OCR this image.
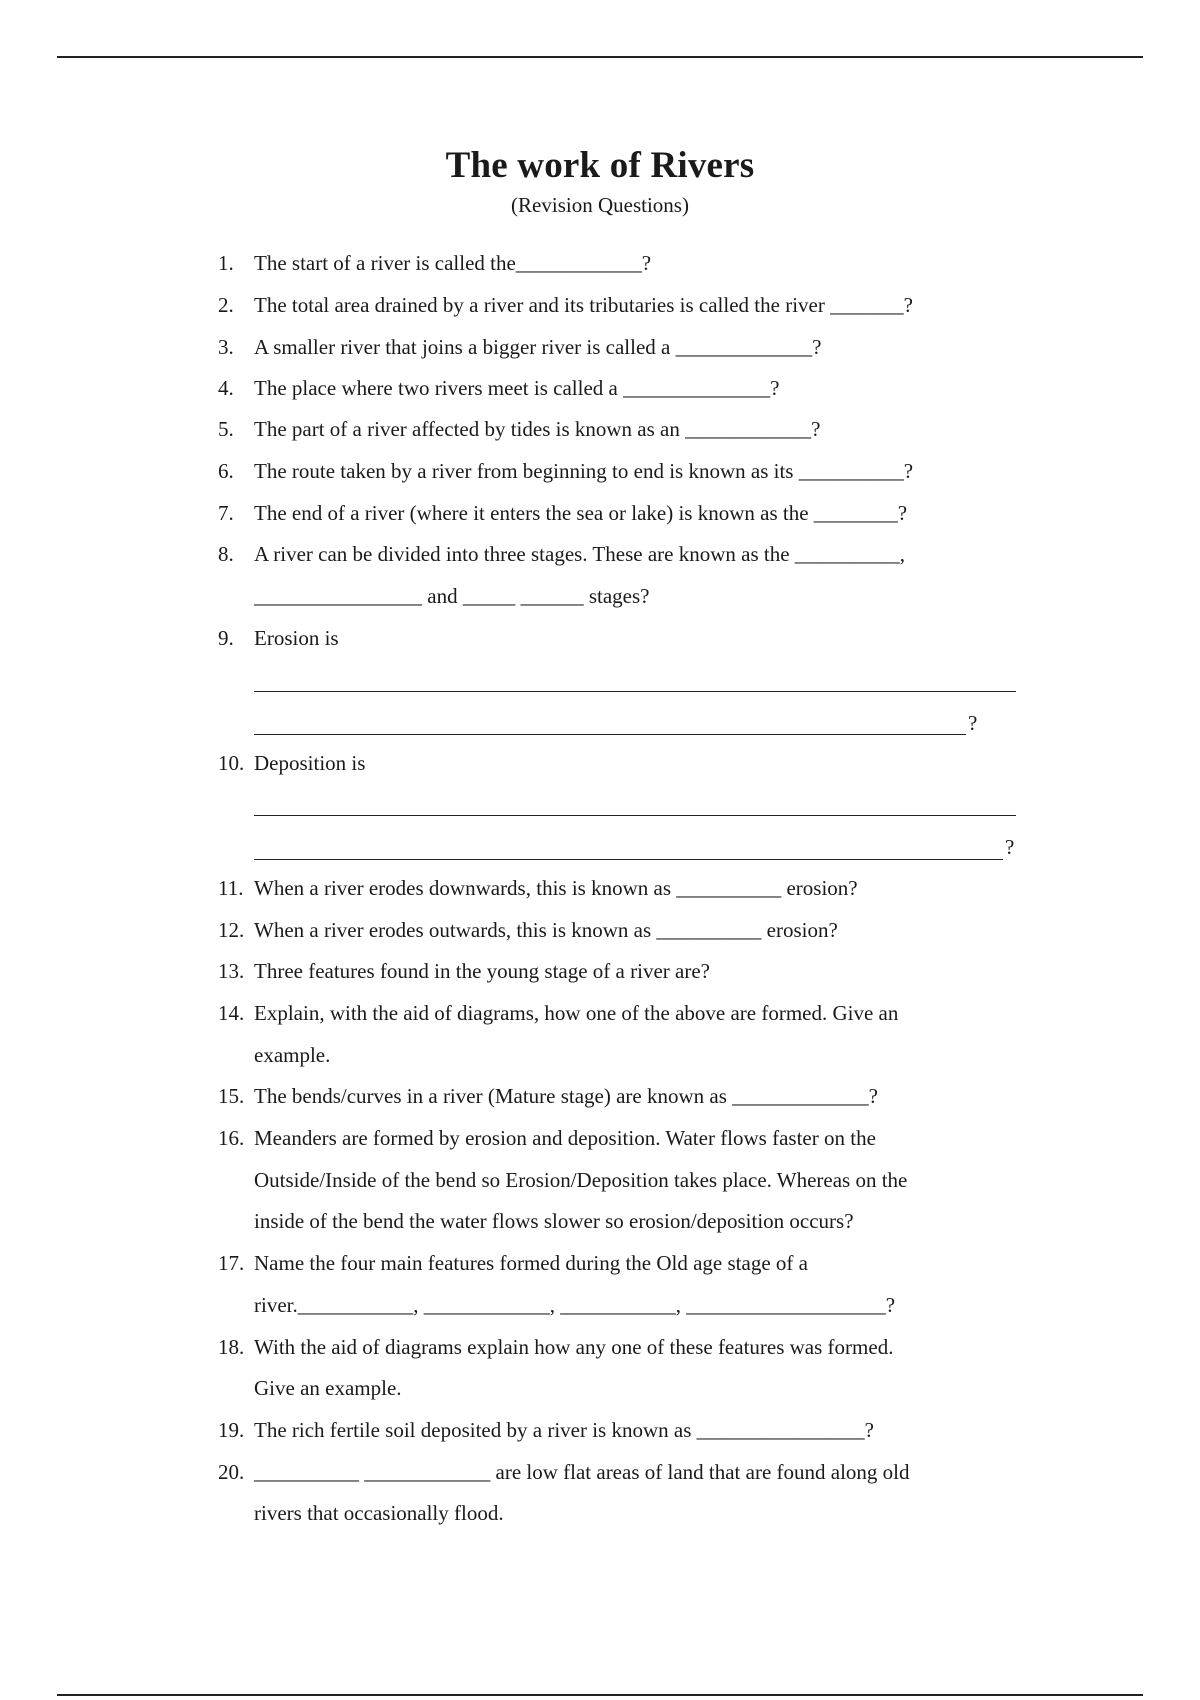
The work of Rivers
(Revision Questions)
1. The start of a river is called the____________?
2. The total area drained by a river and its tributaries is called the river _______?
3. A smaller river that joins a bigger river is called a _____________?
4. The place where two rivers meet is called a ______________?
5. The part of a river affected by tides is known as an ____________?
6. The route taken by a river from beginning to end is known as its __________?
7. The end of a river (where it enters the sea or lake) is known as the ________?
8. A river can be divided into three stages. These are known as the __________,
________________ and _____ ______ stages?
9. Erosion is
?
10. Deposition is
?
11. When a river erodes downwards, this is known as __________ erosion?
12. When a river erodes outwards, this is known as __________ erosion?
13. Three features found in the young stage of a river are?
14. Explain, with the aid of diagrams, how one of the above are formed. Give an
example.
15. The bends/curves in a river (Mature stage) are known as _____________?
16. Meanders are formed by erosion and deposition. Water flows faster on the
Outside/Inside of the bend so Erosion/Deposition takes place. Whereas on the
inside of the bend the water flows slower so erosion/deposition occurs?
17. Name the four main features formed during the Old age stage of a
river.___________, ____________, ___________, ___________________?
18. With the aid of diagrams explain how any one of these features was formed.
Give an example.
19. The rich fertile soil deposited by a river is known as ________________?
20. __________ ____________ are low flat areas of land that are found along old
rivers that occasionally flood.
